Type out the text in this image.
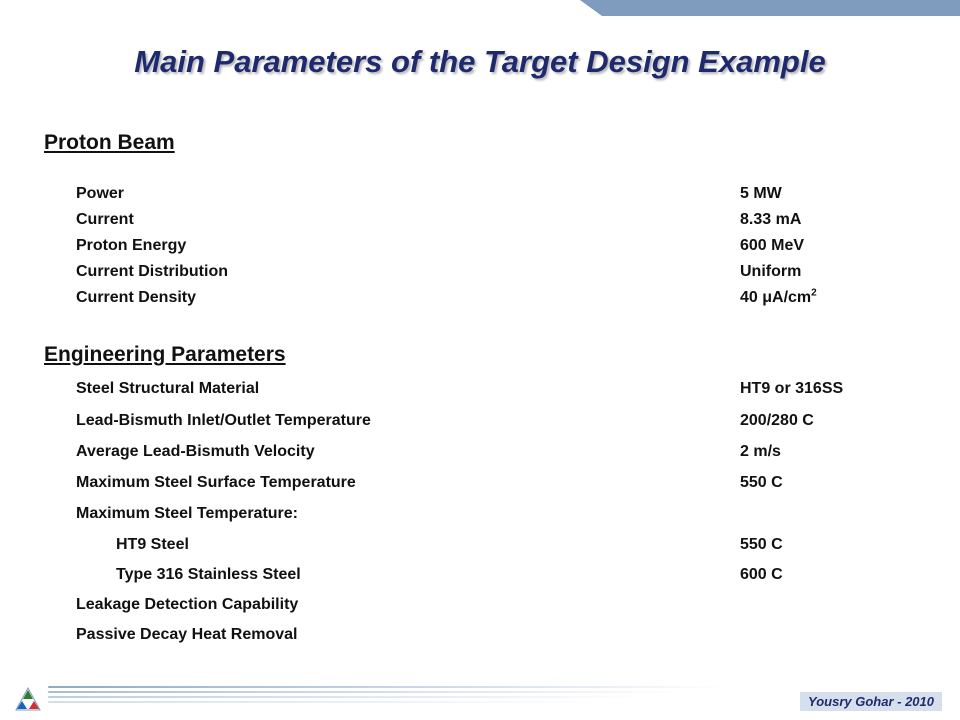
Main Parameters of the Target Design Example
Proton Beam
Power	5 MW
Current	8.33 mA
Proton Energy	600 MeV
Current Distribution	Uniform
Current Density	40 $\mu A/cm^2$
Engineering Parameters
Steel Structural Material	HT9 or 316SS
Lead-Bismuth Inlet/Outlet Temperature	200/280 C
Average Lead-Bismuth Velocity	2 m/s
Maximum Steel Surface Temperature	550 C
Maximum Steel Temperature:
HT9 Steel	550 C
Type 316 Stainless Steel	600 C
Leakage Detection Capability
Passive Decay Heat Removal
Yousry Gohar - 2010
